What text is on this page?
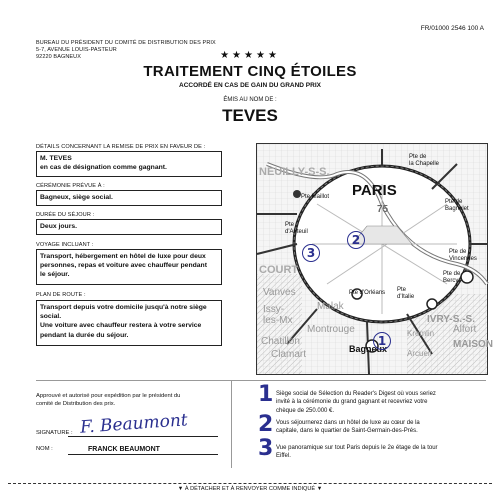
FR/01000 2546 100 A
BUREAU DU PRÉSIDENT DU COMITÉ DE DISTRIBUTION DES PRIX
5-7, AVENUE LOUIS-PASTEUR
92220 BAGNEUX	★★★★★
TRAITEMENT CINQ ÉTOILES
ACCORDÉ EN CAS DE GAIN DU GRAND PRIX
ÉMIS AU NOM DE :
TEVES
DÉTAILS CONCERNANT LA REMISE DE PRIX EN FAVEUR DE :
M. TEVES
en cas de désignation comme gagnant.
CÉRÉMONIE PRÉVUE À :
Bagneux, siège social.
DURÉE DU SÉJOUR :
Deux jours.
VOYAGE INCLUANT :
Transport, hébergement en hôtel de luxe pour deux
personnes, repas et voiture avec chauffeur pendant
le séjour.
PLAN DE ROUTE :
Transport depuis votre domicile jusqu'à notre siège
social.
Une voiture avec chauffeur restera à votre service
pendant la durée du séjour.
PARIS
75
Pte de
la Chapelle
Pte Maillot
Pte de
Bagnolet
Pte
d'Auteuil
Pte de
Vincennes
Pte de
Bercy
Pte d'Orléans Pte
d'Italie
Bagneux
NEUILLY-S-S.
COURT
Vanves
Malak
Issy-
les-Mx
Montrouge
Chatillon
Clamart
Kremlin
Arcueil
Alfort
MAISON
IVRY-S.-S.
3
2
1
Approuvé et autorisé pour expédition par le président du
comité de Distribution des prix.
SIGNATURE : F. Beaumont
NOM :	FRANCK BEAUMONT
1 Siège social de Sélection du Reader's Digest où vous seriez
invité à la cérémonie du grand gagnant et recevriez votre
chèque de 250.000 €.
2 Vous séjournerez dans un hôtel de luxe au cœur de la
capitale, dans le quartier de Saint-Germain-des-Prés.
3 Vue panoramique sur tout Paris depuis le 2e étage de la tour
Eiffel.
▼ À DÉTACHER ET À RENVOYER COMME INDIQUÉ ▼
